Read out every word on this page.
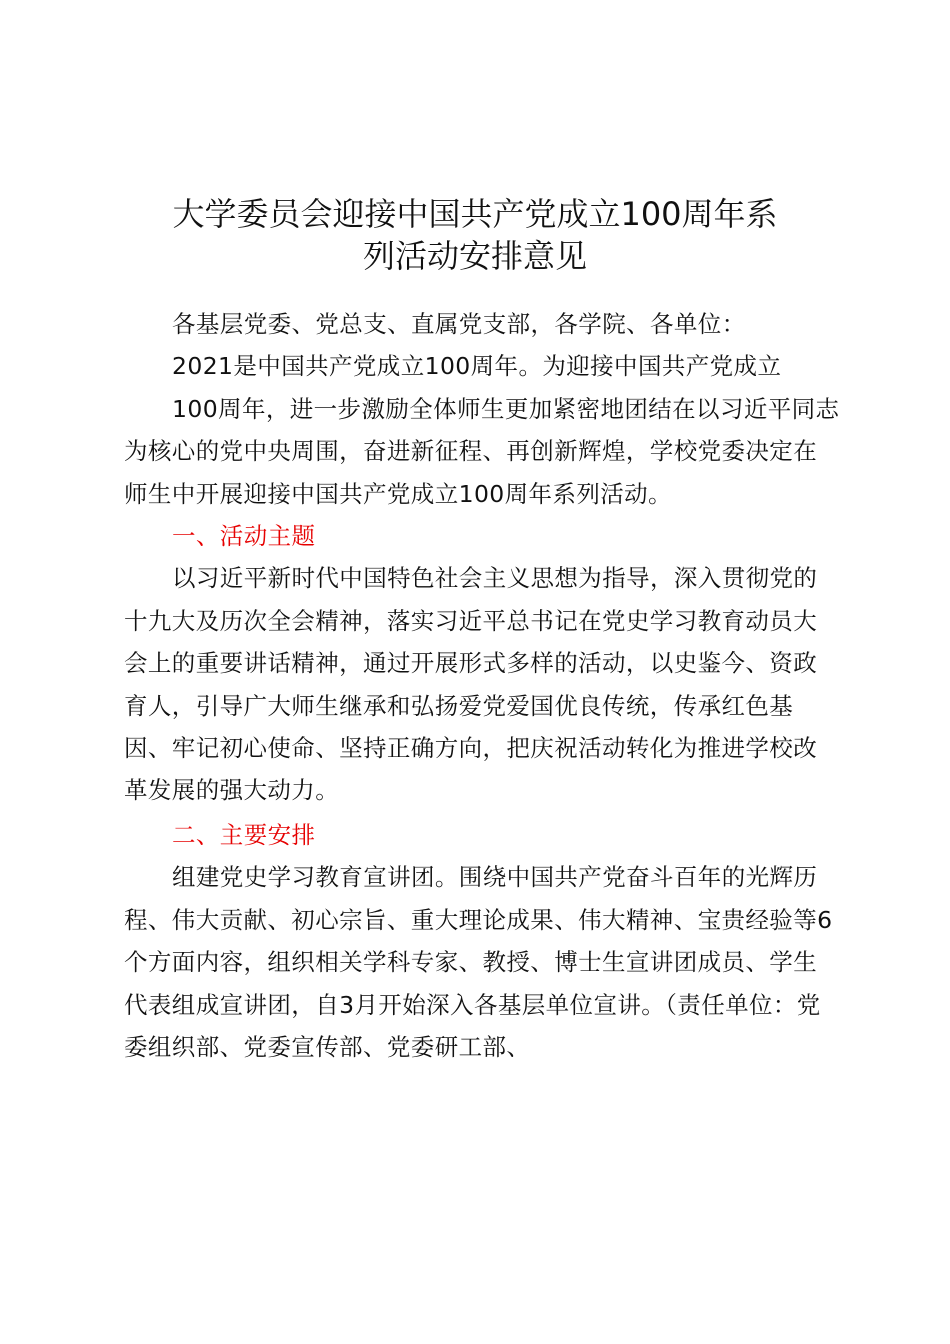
大学委员会迎接中国共产党成立100周年系
列活动安排意见

各基层党委、党总支、直属党支部，各学院、各单位：

2021是中国共产党成立100周年。为迎接中国共产党成立

100周年，进一步激励全体师生更加紧密地团结在以习近平同志为核心的党中央周围，奋进新征程、再创新辉煌，学校党委决定在师生中开展迎接中国共产党成立100周年系列活动。

一、活动主题

以习近平新时代中国特色社会主义思想为指导，深入贯彻党的十九大及历次全会精神，落实习近平总书记在党史学习教育动员大会上的重要讲话精神，通过开展形式多样的活动，以史鉴今、资政育人，引导广大师生继承和弘扬爱党爱国优良传统，传承红色基因、牢记初心使命、坚持正确方向，把庆祝活动转化为推进学校改革发展的强大动力。

二、主要安排

组建党史学习教育宣讲团。围绕中国共产党奋斗百年的光辉历程、伟大贡献、初心宗旨、重大理论成果、伟大精神、宝贵经验等6个方面内容，组织相关学科专家、教授、博士生宣讲团成员、学生代表组成宣讲团，自3月开始深入各基层单位宣讲。（责任单位：党委组织部、党委宣传部、党委研工部、
